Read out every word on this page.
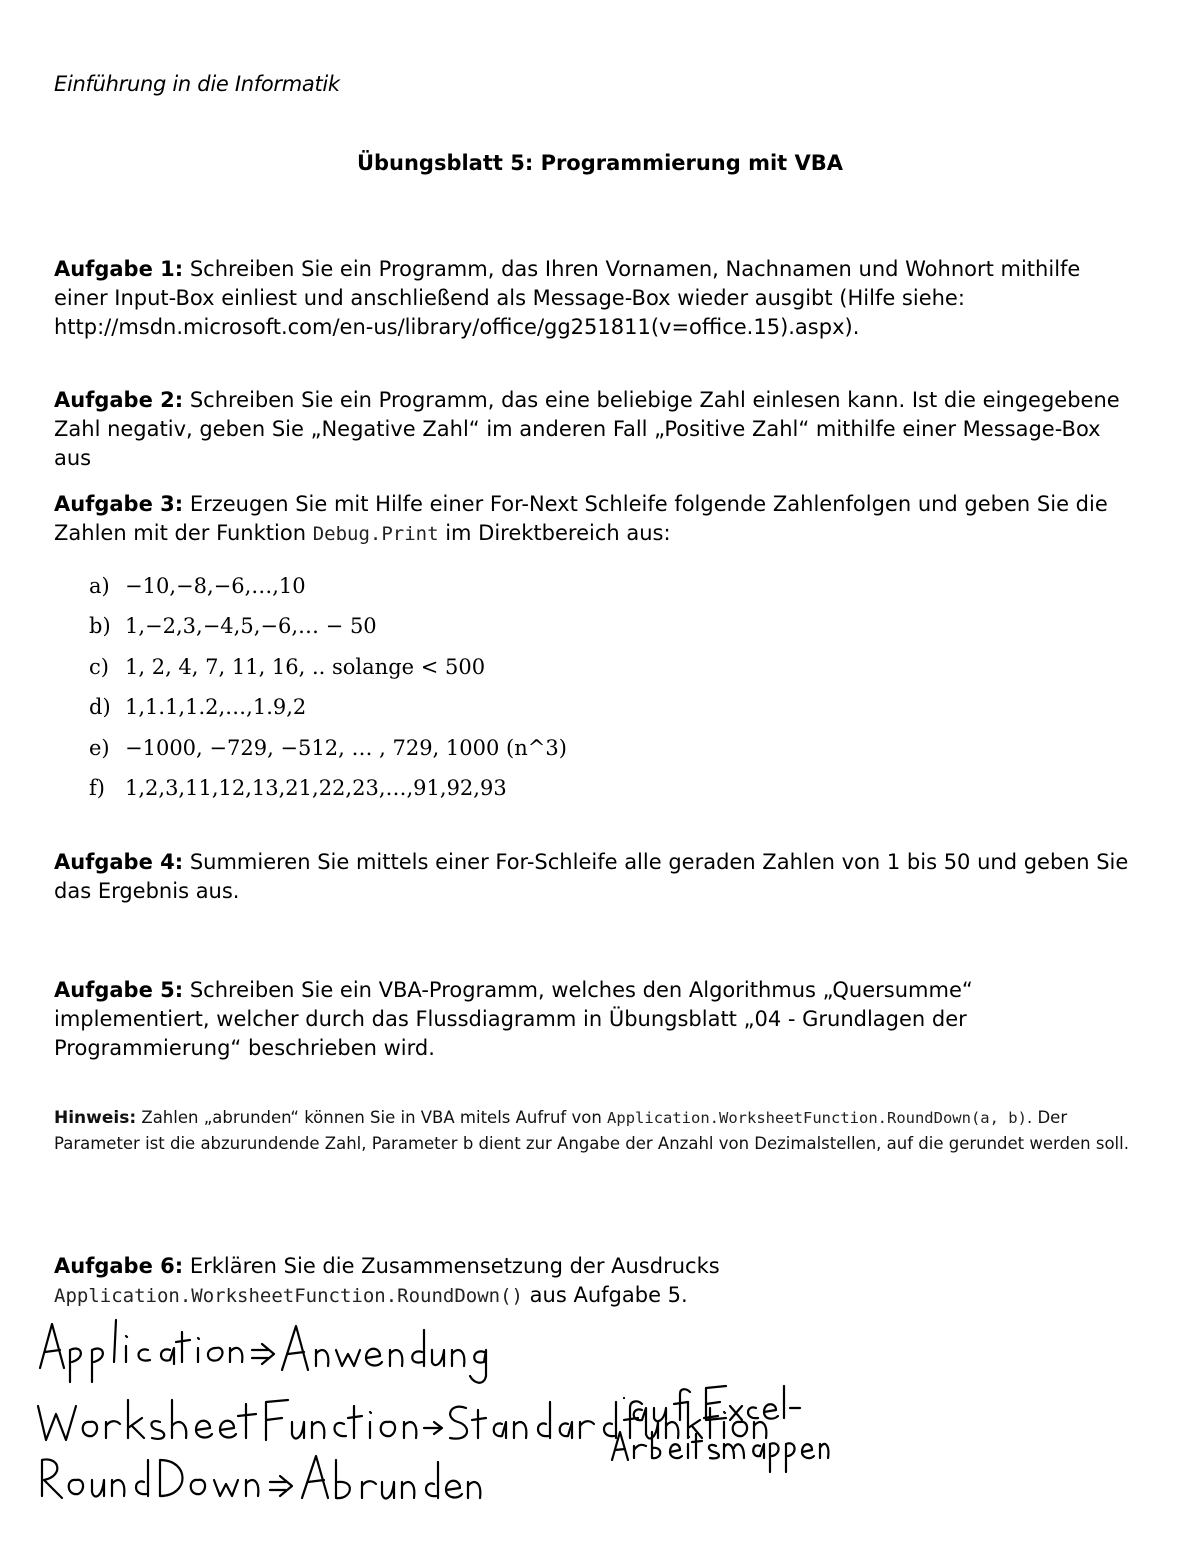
Einführung in die Informatik
Übungsblatt 5: Programmierung mit VBA
Aufgabe 1: Schreiben Sie ein Programm, das Ihren Vornamen, Nachnamen und Wohnort mithilfe einer Input-Box einliest und anschließend als Message-Box wieder ausgibt (Hilfe siehe: http://msdn.microsoft.com/en-us/library/office/gg251811(v=office.15).aspx).
Aufgabe 2: Schreiben Sie ein Programm, das eine beliebige Zahl einlesen kann. Ist die eingegebene Zahl negativ, geben Sie „Negative Zahl“ im anderen Fall „Positive Zahl“ mithilfe einer Message-Box aus
Aufgabe 3: Erzeugen Sie mit Hilfe einer For-Next Schleife folgende Zahlenfolgen und geben Sie die Zahlen mit der Funktion Debug.Print im Direktbereich aus:
a) −10,−8,−6,…,10
b) 1,−2,3,−4,5,−6,… − 50
c) 1, 2, 4, 7, 11, 16, .. solange < 500
d) 1,1.1,1.2,…,1.9,2
e) −1000, −729, −512, … , 729, 1000 (n^3)
f) 1,2,3,11,12,13,21,22,23,…,91,92,93
Aufgabe 4: Summieren Sie mittels einer For-Schleife alle geraden Zahlen von 1 bis 50 und geben Sie das Ergebnis aus.
Aufgabe 5: Schreiben Sie ein VBA-Programm, welches den Algorithmus „Quersumme“ implementiert, welcher durch das Flussdiagramm in Übungsblatt „04 - Grundlagen der Programmierung“ beschrieben wird.
Hinweis: Zahlen „abrunden“ können Sie in VBA mitels Aufruf von Application.WorksheetFunction.RoundDown(a, b). Der Parameter ist die abzurundende Zahl, Parameter b dient zur Angabe der Anzahl von Dezimalstellen, auf die gerundet werden soll.
Aufgabe 6: Erklären Sie die Zusammensetzung der Ausdrucks
Application.WorksheetFunction.RoundDown() aus Aufgabe 5.
